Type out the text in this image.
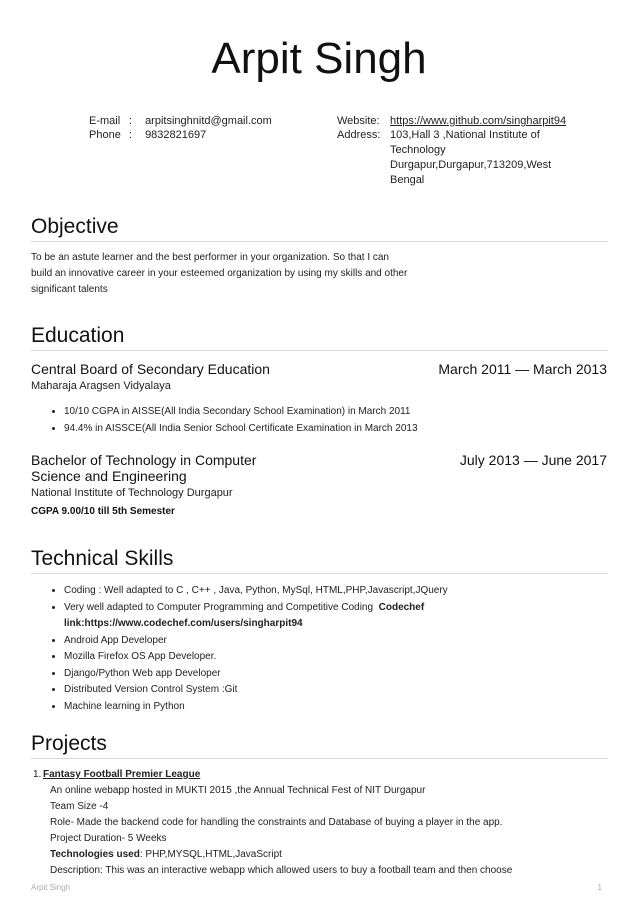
Arpit Singh
E-mail : arpitsinghnitd@gmail.com
Phone : 9832821697
Website: https://www.github.com/singharpit94
Address: 103,Hall 3 ,National Institute of
Technology
Durgapur,Durgapur,713209,West
Bengal
Objective
To be an astute learner and the best performer in your organization. So that I can
build an innovative career in your esteemed organization by using my skills and other
significant talents
Education
Central Board of Secondary Education	March 2011 — March 2013
Maharaja Aragsen Vidyalaya
• 10/10 CGPA in AISSE(All India Secondary School Examination) in March 2011
• 94.4% in AISSCE(All India Senior School Certificate Examination in March 2013
Bachelor of Technology in Computer
Science and Engineering
July 2013 — June 2017
National Institute of Technology Durgapur
CGPA 9.00/10 till 5th Semester
Technical Skills
• Coding : Well adapted to C , C++ , Java, Python, MySql, HTML,PHP,Javascript,JQuery
• Very well adapted to Computer Programming and Competitive Coding Codechef
link:https://www.codechef.com/users/singharpit94
• Android App Developer
• Mozilla Firefox OS App Developer.
• Django/Python Web app Developer
• Distributed Version Control System :Git
• Machine learning in Python
Projects
1. Fantasy Football Premier League
An online webapp hosted in MUKTI 2015 ,the Annual Technical Fest of NIT Durgapur
Team Size -4
Role- Made the backend code for handling the constraints and Database of buying a player in the app.
Project Duration- 5 Weeks
Technologies used: PHP,MYSQL,HTML,JavaScript
Description: This was an interactive webapp which allowed users to buy a football team and then choose
Arpit Singh	1
